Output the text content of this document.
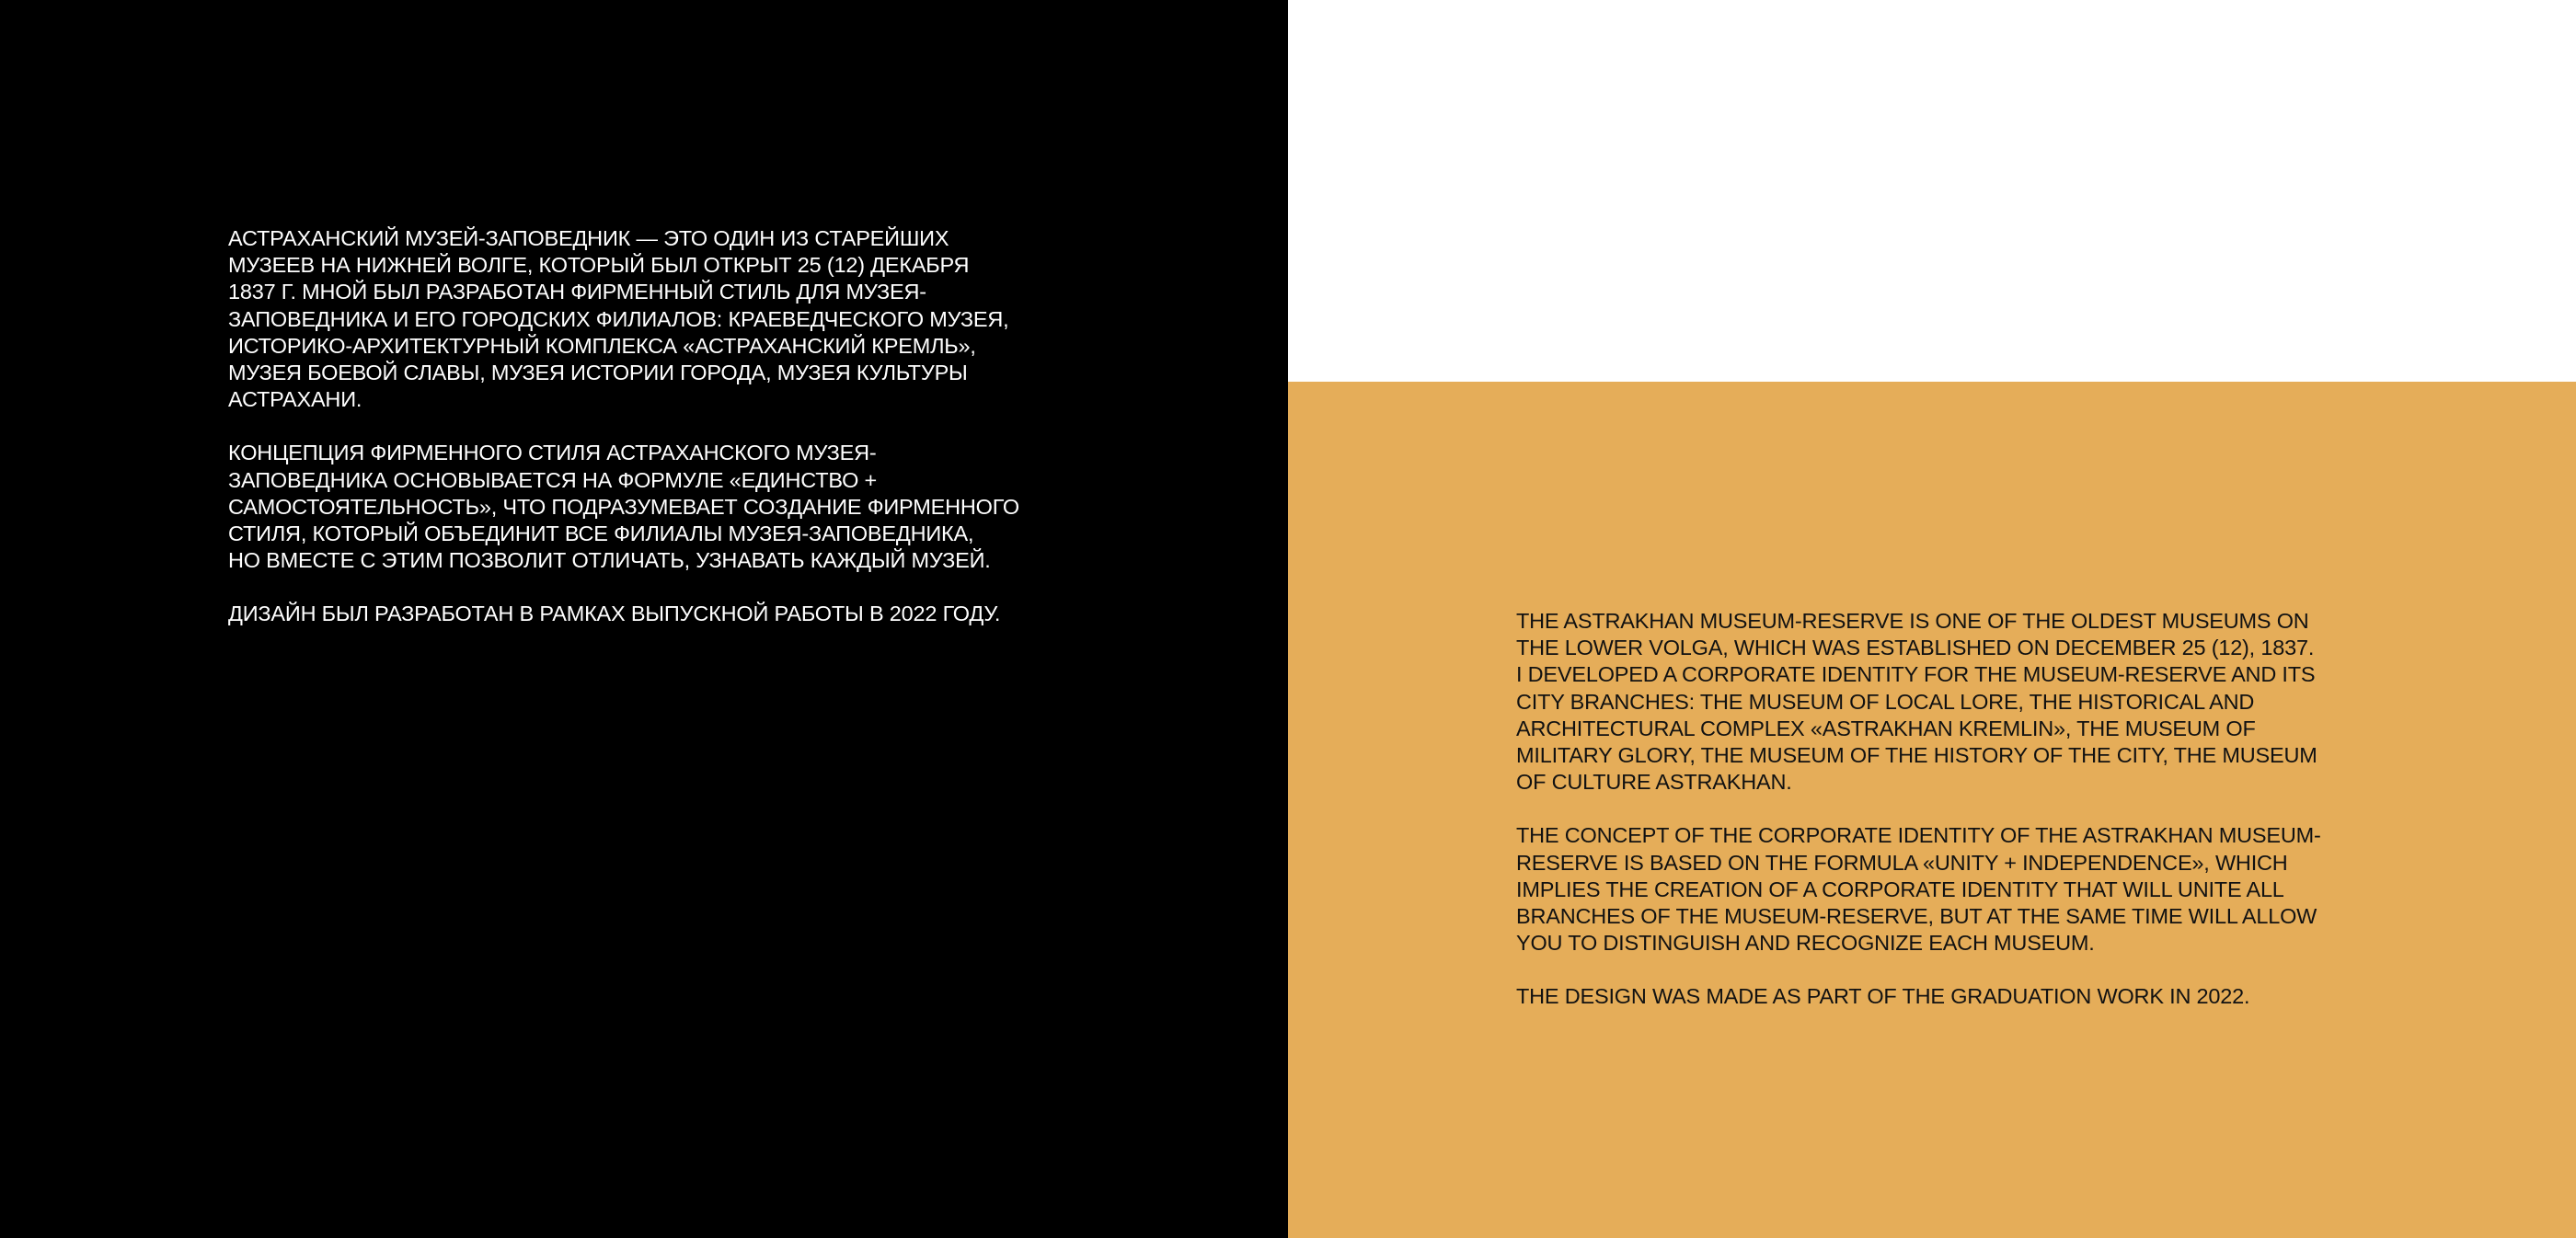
АСТРАХАНСКИЙ МУЗЕЙ-ЗАПОВЕДНИК — ЭТО ОДИН ИЗ СТАРЕЙШИХ
МУЗЕЕВ НА НИЖНЕЙ ВОЛГЕ, КОТОРЫЙ БЫЛ ОТКРЫТ 25 (12) ДЕКАБРЯ
1837 Г. МНОЙ БЫЛ РАЗРАБОТАН ФИРМЕННЫЙ СТИЛЬ ДЛЯ МУЗЕЯ-
ЗАПОВЕДНИКА И ЕГО ГОРОДСКИХ ФИЛИАЛОВ: КРАЕВЕДЧЕСКОГО МУЗЕЯ,
ИСТОРИКО-АРХИТЕКТУРНЫЙ КОМПЛЕКСА «АСТРАХАНСКИЙ КРЕМЛЬ»,
МУЗЕЯ БОЕВОЙ СЛАВЫ, МУЗЕЯ ИСТОРИИ ГОРОДА, МУЗЕЯ КУЛЬТУРЫ
АСТРАХАНИ.

КОНЦЕПЦИЯ ФИРМЕННОГО СТИЛЯ АСТРАХАНСКОГО МУЗЕЯ-
ЗАПОВЕДНИКА ОСНОВЫВАЕТСЯ НА ФОРМУЛЕ «ЕДИНСТВО +
САМОСТОЯТЕЛЬНОСТЬ», ЧТО ПОДРАЗУМЕВАЕТ СОЗДАНИЕ ФИРМЕННОГО
СТИЛЯ, КОТОРЫЙ ОБЪЕДИНИТ ВСЕ ФИЛИАЛЫ МУЗЕЯ-ЗАПОВЕДНИКА,
НО ВМЕСТЕ С ЭТИМ ПОЗВОЛИТ ОТЛИЧАТЬ, УЗНАВАТЬ КАЖДЫЙ МУЗЕЙ.

ДИЗАЙН БЫЛ РАЗРАБОТАН В РАМКАХ ВЫПУСКНОЙ РАБОТЫ В 2022 ГОДУ.	THE ASTRAKHAN MUSEUM-RESERVE IS ONE OF THE OLDEST MUSEUMS ON
THE LOWER VOLGA, WHICH WAS ESTABLISHED ON DECEMBER 25 (12), 1837.
I DEVELOPED A CORPORATE IDENTITY FOR THE MUSEUM-RESERVE AND ITS
CITY BRANCHES: THE MUSEUM OF LOCAL LORE, THE HISTORICAL AND
ARCHITECTURAL COMPLEX «ASTRAKHAN KREMLIN», THE MUSEUM OF
MILITARY GLORY, THE MUSEUM OF THE HISTORY OF THE CITY, THE MUSEUM
OF CULTURE ASTRAKHAN.

THE CONCEPT OF THE CORPORATE IDENTITY OF THE ASTRAKHAN MUSEUM-
RESERVE IS BASED ON THE FORMULA «UNITY + INDEPENDENCE», WHICH
IMPLIES THE CREATION OF A CORPORATE IDENTITY THAT WILL UNITE ALL
BRANCHES OF THE MUSEUM-RESERVE, BUT AT THE SAME TIME WILL ALLOW
YOU TO DISTINGUISH AND RECOGNIZE EACH MUSEUM.

THE DESIGN WAS MADE AS PART OF THE GRADUATION WORK IN 2022.
